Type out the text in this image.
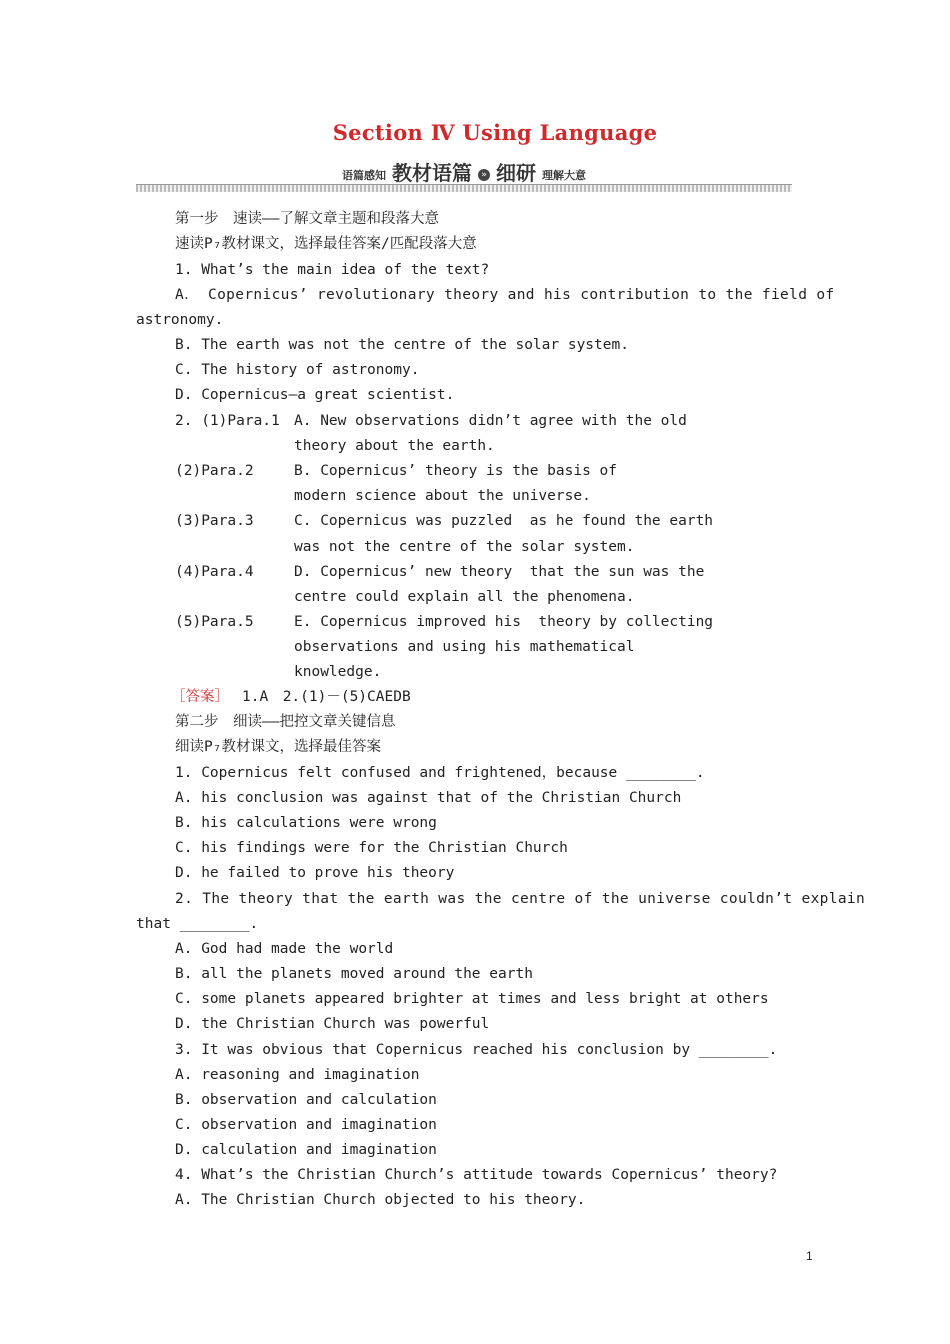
Section Ⅳ Using Language
语篇感知 教材语篇	» 细研 理解大意
第一步　速读——了解文章主题和段落大意
速读P₇教材课文，选择最佳答案/匹配段落大意
1. What’s the main idea of the text?
A． Copernicus’ revolutionary theory and his contribution to the field of
astronomy.
B. The earth was not the centre of the solar system.
C. The history of astronomy.
D. Copernicus—a great scientist.
2. (1)Para.1 A. New observations didn’t agree with the old
theory about the earth.
(2)Para.2	B. Copernicus’ theory is the basis of
modern science about the universe.
(3)Para.3	C. Copernicus was puzzled  as he found the earth
was not the centre of the solar system.
(4)Para.4	D. Copernicus’ new theory  that the sun was the
centre could explain all the phenomena.
(5)Para.5	E. Copernicus improved his  theory by collecting
observations and using his mathematical
knowledge.
［答案］ 1.A　2.(1)－(5)CAEDB
第二步　细读——把控文章关键信息
细读P₇教材课文，选择最佳答案
1. Copernicus felt confused and frightened，because ________.
A. his conclusion was against that of the Christian Church
B. his calculations were wrong
C. his findings were for the Christian Church
D. he failed to prove his theory
2. The theory that the earth was the centre of the universe couldn’t explain
that ________.
A. God had made the world
B. all the planets moved around the earth
C. some planets appeared brighter at times and less bright at others
D. the Christian Church was powerful
3. It was obvious that Copernicus reached his conclusion by ________.
A. reasoning and imagination
B. observation and calculation
C. observation and imagination
D. calculation and imagination
4. What’s the Christian Church’s attitude towards Copernicus’ theory?
A. The Christian Church objected to his theory.
1
